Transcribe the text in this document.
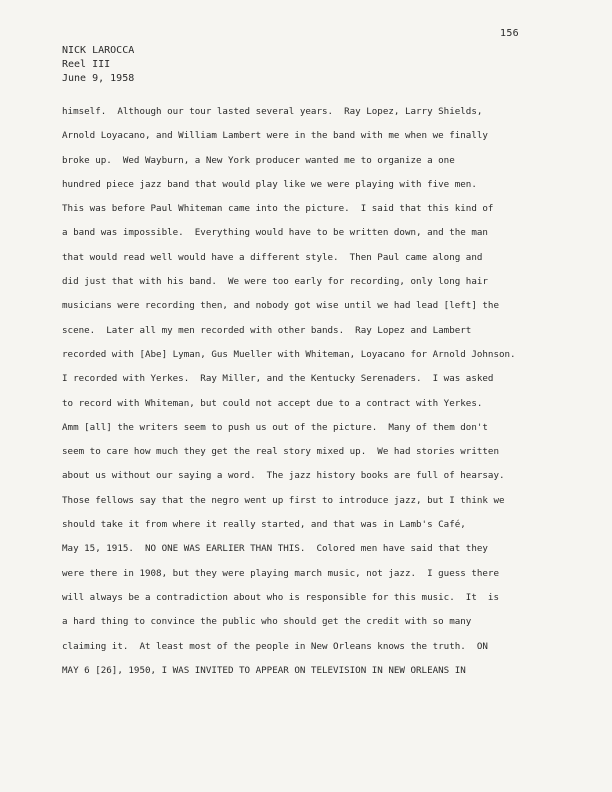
156
NICK LAROCCA
Reel III
June 9, 1958
himself.  Although our tour lasted several years.  Ray Lopez, Larry Shields,
Arnold Loyacano, and William Lambert were in the band with me when we finally
broke up.  Wed Wayburn, a New York producer wanted me to organize a one
hundred piece jazz band that would play like we were playing with five men.
This was before Paul Whiteman came into the picture.  I said that this kind of
a band was impossible.  Everything would have to be written down, and the man
that would read well would have a different style.  Then Paul came along and
did just that with his band.  We were too early for recording, only long hair
musicians were recording then, and nobody got wise until we had lead [left] the
scene.  Later all my men recorded with other bands.  Ray Lopez and Lambert
recorded with [Abe] Lyman, Gus Mueller with Whiteman, Loyacano for Arnold Johnson.
I recorded with Yerkes.  Ray Miller, and the Kentucky Serenaders.  I was asked
to record with Whiteman, but could not accept due to a contract with Yerkes.
Amm [all] the writers seem to push us out of the picture.  Many of them don't
seem to care how much they get the real story mixed up.  We had stories written
about us without our saying a word.  The jazz history books are full of hearsay.
Those fellows say that the negro went up first to introduce jazz, but I think we
should take it from where it really started, and that was in Lamb's Café,
May 15, 1915.  NO ONE WAS EARLIER THAN THIS.  Colored men have said that they
were there in 1908, but they were playing march music, not jazz.  I guess there
will always be a contradiction about who is responsible for this music.  It  is
a hard thing to convince the public who should get the credit with so many
claiming it.  At least most of the people in New Orleans knows the truth.  ON
MAY 6 [26], 1950, I WAS INVITED TO APPEAR ON TELEVISION IN NEW ORLEANS IN
